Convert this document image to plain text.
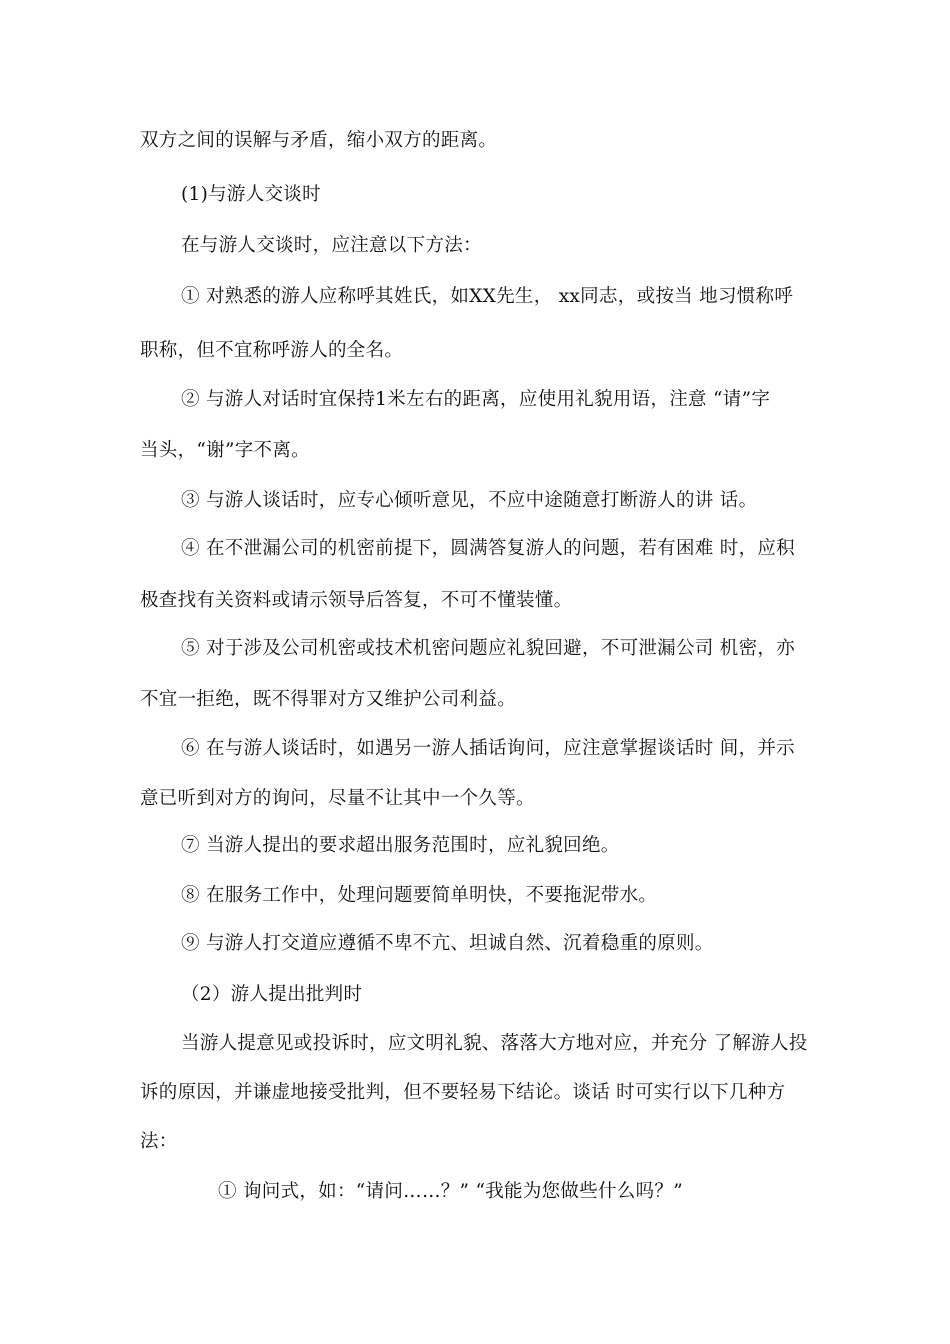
双方之间的误解与矛盾，缩小双方的距离。
(1)与游人交谈时
在与游人交谈时，应注意以下方法：
① 对熟悉的游人应称呼其姓氏，如XX先生， xx同志，或按当 地习惯称呼
职称，但不宜称呼游人的全名。
② 与游人对话时宜保持1米左右的距离，应使用礼貌用语，注意 “请”字
当头，“谢”字不离。
③ 与游人谈话时，应专心倾听意见，不应中途随意打断游人的讲 话。
④ 在不泄漏公司的机密前提下，圆满答复游人的问题，若有困难 时，应积
极查找有关资料或请示领导后答复，不可不懂装懂。
⑤ 对于涉及公司机密或技术机密问题应礼貌回避，不可泄漏公司 机密，亦
不宜一拒绝，既不得罪对方又维护公司利益。
⑥ 在与游人谈话时，如遇另一游人插话询问，应注意掌握谈话时 间，并示
意已听到对方的询问，尽量不让其中一个久等。
⑦ 当游人提出的要求超出服务范围时，应礼貌回绝。
⑧ 在服务工作中，处理问题要简单明快，不要拖泥带水。
⑨ 与游人打交道应遵循不卑不亢、坦诚自然、沉着稳重的原则。
（2）游人提出批判时
当游人提意见或投诉时，应文明礼貌、落落大方地对应，并充分 了解游人投
诉的原因，并谦虚地接受批判，但不要轻易下结论。谈话 时可实行以下几种方
法：
① 询问式，如：“请问……？” “我能为您做些什么吗？”
